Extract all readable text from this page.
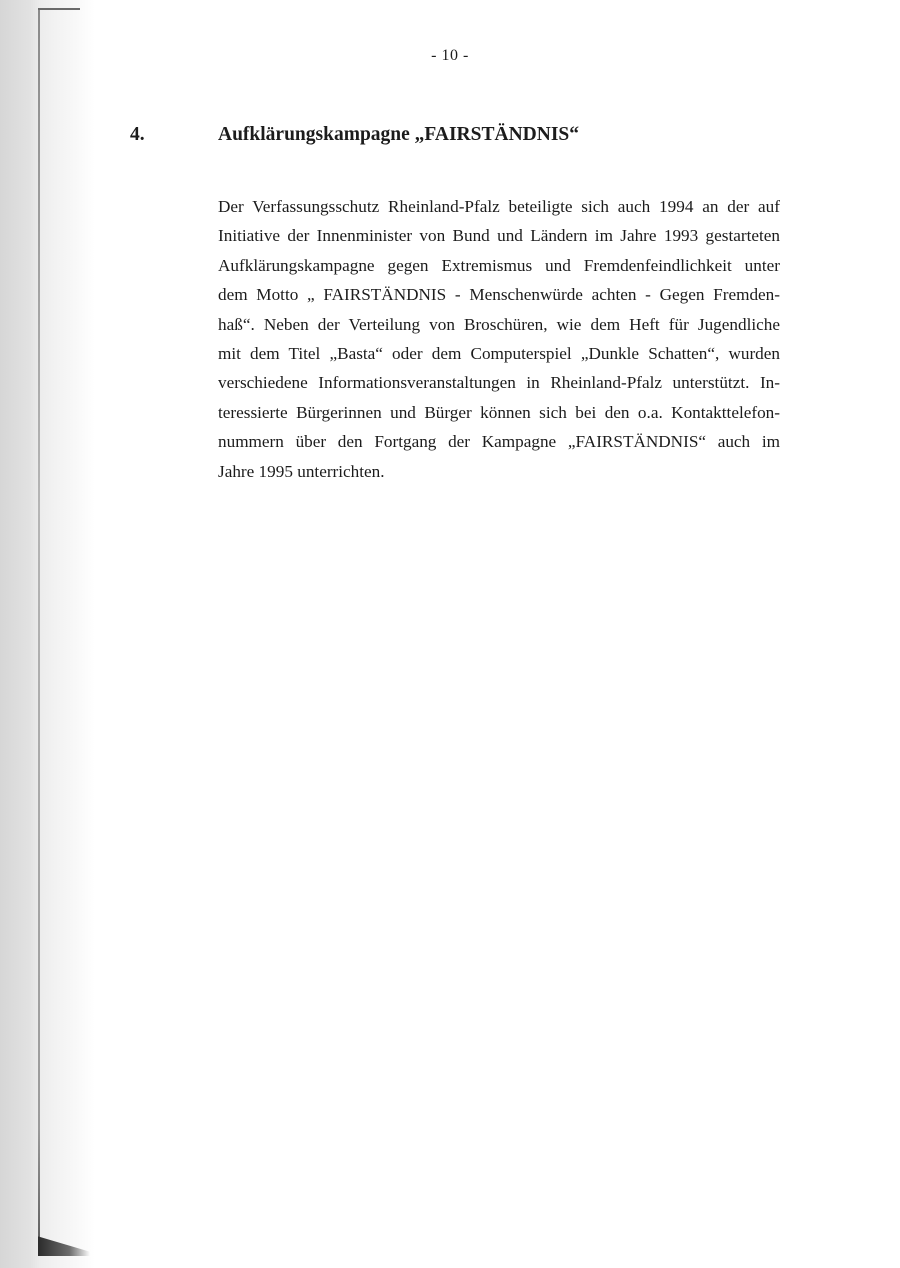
- 10 -
4.	Aufklärungskampagne „FAIRSTÄNDNIS“
Der Verfassungsschutz Rheinland-Pfalz beteiligte sich auch 1994 an der auf
Initiative der Innenminister von Bund und Ländern im Jahre 1993 gestarteten
Aufklärungskampagne gegen Extremismus und Fremdenfeindlichkeit unter
dem Motto „ FAIRSTÄNDNIS - Menschenwürde achten - Gegen Fremden-
haß“. Neben der Verteilung von Broschüren, wie dem Heft für Jugendliche
mit dem Titel „Basta“ oder dem Computerspiel „Dunkle Schatten“, wurden
verschiedene Informationsveranstaltungen in Rheinland-Pfalz unterstützt. In-
teressierte Bürgerinnen und Bürger können sich bei den o.a. Kontakttelefon-
nummern über den Fortgang der Kampagne „FAIRSTÄNDNIS“ auch im
Jahre 1995 unterrichten.
